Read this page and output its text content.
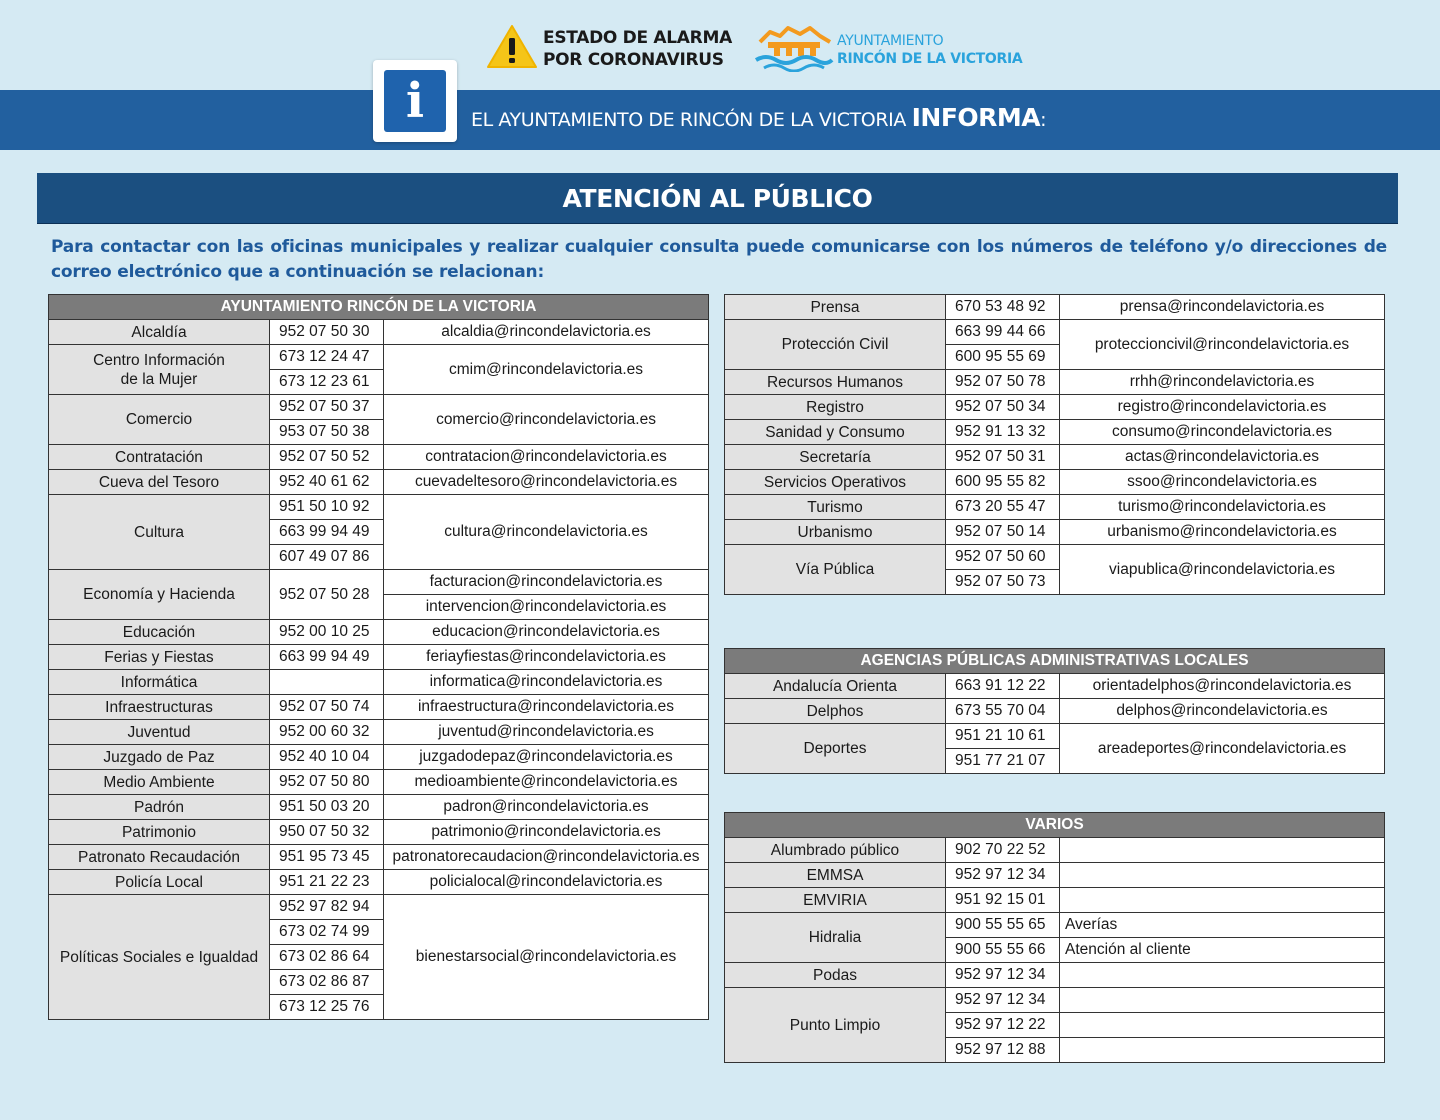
ESTADO DE ALARMA
POR CORONAVIRUS
AYUNTAMIENTO
RINCÓN DE LA VICTORIA
i	EL AYUNTAMIENTO DE RINCÓN DE LA VICTORIA INFORMA:
ATENCIÓN AL PÚBLICO
Para contactar con las oficinas municipales y realizar cualquier consulta puede comunicarse con los números de teléfono y/o direcciones de correo electrónico que a continuación se relacionan:
AYUNTAMIENTO RINCÓN DE LA VICTORIA		
Alcaldía	952 07 50 30	alcaldia@rincondelavictoria.es
Centro Información de la Mujer	673 12 24 47	cmim@rincondelavictoria.es
	673 12 23 61	
Comercio	952 07 50 37	comercio@rincondelavictoria.es
	953 07 50 38	
Contratación	952 07 50 52	contratacion@rincondelavictoria.es
Cueva del Tesoro	952 40 61 62	cuevadeltesoro@rincondelavictoria.es
Cultura	951 50 10 92	cultura@rincondelavictoria.es
	663 99 94 49	
	607 49 07 86	
Economía y Hacienda	952 07 50 28	facturacion@rincondelavictoria.es
		intervencion@rincondelavictoria.es
Educación	952 00 10 25	educacion@rincondelavictoria.es
Ferias y Fiestas	663 99 94 49	feriayfiestas@rincondelavictoria.es
Informática		informatica@rincondelavictoria.es
Infraestructuras	952 07 50 74	infraestructura@rincondelavictoria.es
Juventud	952 00 60 32	juventud@rincondelavictoria.es
Juzgado de Paz	952 40 10 04	juzgadodepaz@rincondelavictoria.es
Medio Ambiente	952 07 50 80	medioambiente@rincondelavictoria.es
Padrón	951 50 03 20	padron@rincondelavictoria.es
Patrimonio	950 07 50 32	patrimonio@rincondelavictoria.es
Patronato Recaudación	951 95 73 45	patronatorecaudacion@rincondelavictoria.es
Policía Local	951 21 22 23	policialocal@rincondelavictoria.es
Políticas Sociales e Igualdad	952 97 82 94	bienestarsocial@rincondelavictoria.es
	673 02 74 99	
	673 02 86 64	
	673 02 86 87	
	673 12 25 76	
Prensa	670 53 48 92	prensa@rincondelavictoria.es
Protección Civil	663 99 44 66	proteccioncivil@rincondelavictoria.es
	600 95 55 69	
Recursos Humanos	952 07 50 78	rrhh@rincondelavictoria.es
Registro	952 07 50 34	registro@rincondelavictoria.es
Sanidad y Consumo	952 91 13 32	consumo@rincondelavictoria.es
Secretaría	952 07 50 31	actas@rincondelavictoria.es
Servicios Operativos	600 95 55 82	ssoo@rincondelavictoria.es
Turismo	673 20 55 47	turismo@rincondelavictoria.es
Urbanismo	952 07 50 14	urbanismo@rincondelavictoria.es
Vía Pública	952 07 50 60	viapublica@rincondelavictoria.es
	952 07 50 73	
AGENCIAS PÚBLICAS ADMINISTRATIVAS LOCALES		
Andalucía Orienta	663 91 12 22	orientadelphos@rincondelavictoria.es
Delphos	673 55 70 04	delphos@rincondelavictoria.es
Deportes	951 21 10 61	areadeportes@rincondelavictoria.es
	951 77 21 07	
VARIOS		
Alumbrado público	902 70 22 52	
EMMSA	952 97 12 34	
EMVIRIA	951 92 15 01	
Hidralia	900 55 55 65	Averías
	900 55 55 66	Atención al cliente
Podas	952 97 12 34	
Punto Limpio	952 97 12 34	
	952 97 12 22	
	952 97 12 88	
